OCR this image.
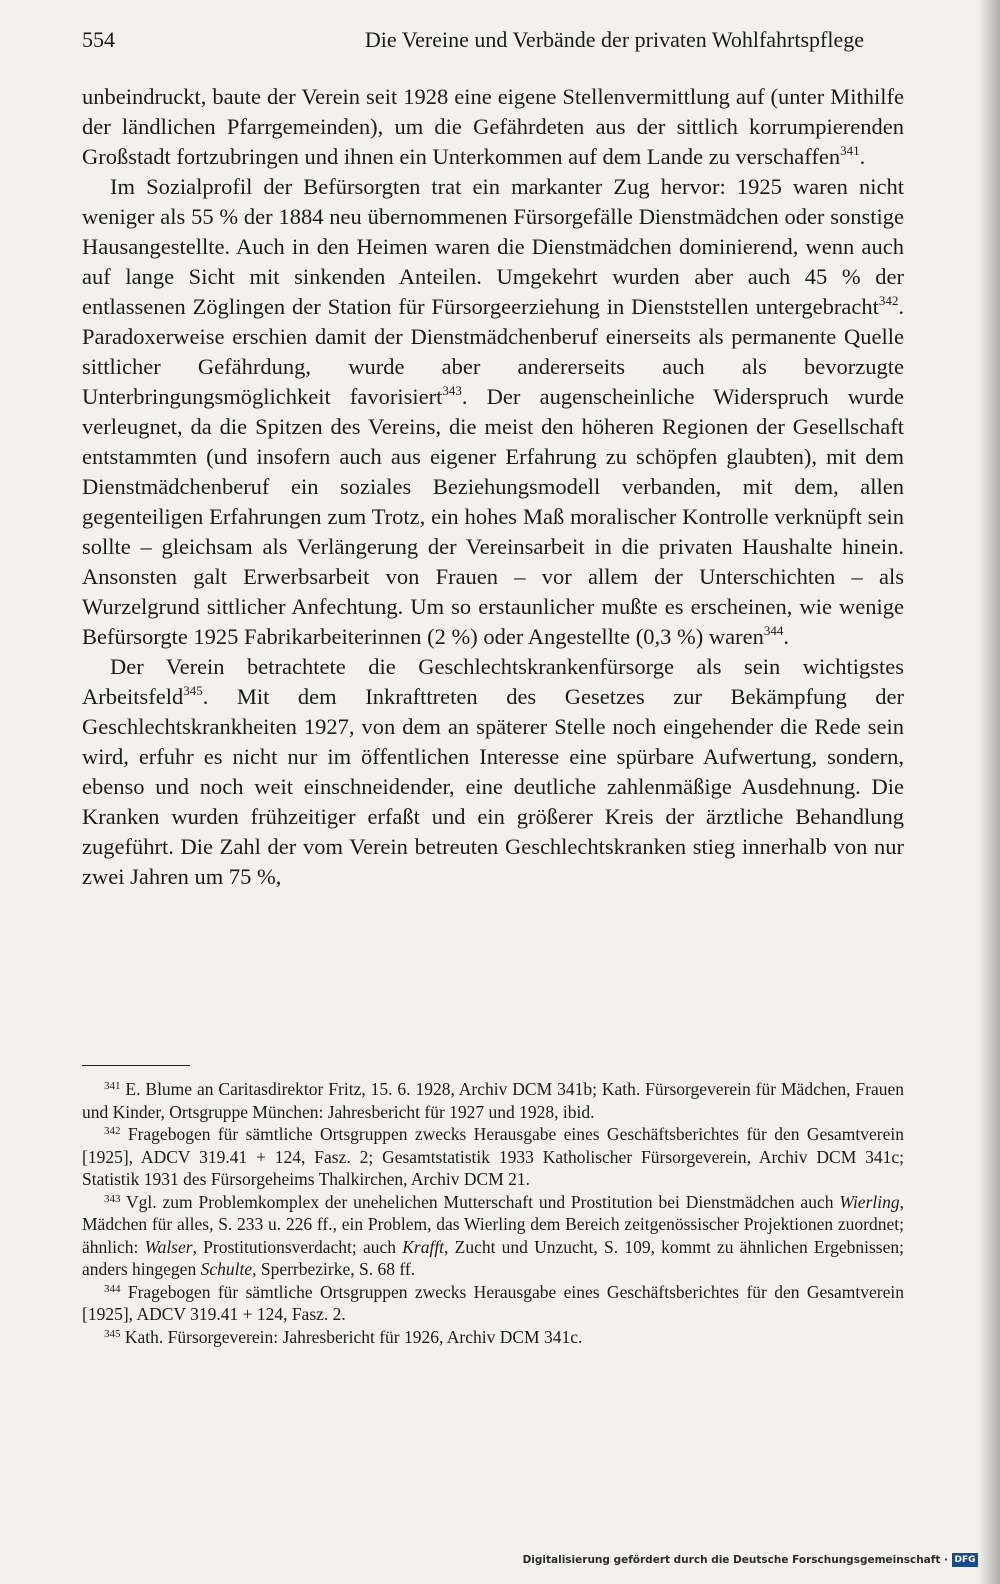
554	Die Vereine und Verbände der privaten Wohlfahrtspflege

unbeindruckt, baute der Verein seit 1928 eine eigene Stellenvermittlung auf (unter Mithilfe der ländlichen Pfarrgemeinden), um die Gefährdeten aus der sittlich korrumpierenden Großstadt fortzubringen und ihnen ein Unterkommen auf dem Lande zu verschaffen$^{341}$.

Im Sozialprofil der Befürsorgten trat ein markanter Zug hervor: 1925 waren nicht weniger als 55 % der 1884 neu übernommenen Fürsorgefälle Dienstmädchen oder sonstige Hausangestellte. Auch in den Heimen waren die Dienstmädchen dominierend, wenn auch auf lange Sicht mit sinkenden Anteilen. Umgekehrt wurden aber auch 45 % der entlassenen Zöglingen der Station für Fürsorgeerziehung in Dienststellen untergebracht$^{342}$. Paradoxerweise erschien damit der Dienstmädchenberuf einerseits als permanente Quelle sittlicher Gefährdung, wurde aber andererseits auch als bevorzugte Unterbringungsmöglichkeit favorisiert$^{343}$. Der augenscheinliche Widerspruch wurde verleugnet, da die Spitzen des Vereins, die meist den höheren Regionen der Gesellschaft entstammten (und insofern auch aus eigener Erfahrung zu schöpfen glaubten), mit dem Dienstmädchenberuf ein soziales Beziehungsmodell verbanden, mit dem, allen gegenteiligen Erfahrungen zum Trotz, ein hohes Maß moralischer Kontrolle verknüpft sein sollte – gleichsam als Verlängerung der Vereinsarbeit in die privaten Haushalte hinein. Ansonsten galt Erwerbsarbeit von Frauen – vor allem der Unterschichten – als Wurzelgrund sittlicher Anfechtung. Um so erstaunlicher mußte es erscheinen, wie wenige Befürsorgte 1925 Fabrikarbeiterinnen (2 %) oder Angestellte (0,3 %) waren$^{344}$.

Der Verein betrachtete die Geschlechtskrankenfürsorge als sein wichtigstes Arbeitsfeld$^{345}$. Mit dem Inkrafttreten des Gesetzes zur Bekämpfung der Geschlechtskrankheiten 1927, von dem an späterer Stelle noch eingehender die Rede sein wird, erfuhr es nicht nur im öffentlichen Interesse eine spürbare Aufwertung, sondern, ebenso und noch weit einschneidender, eine deutliche zahlenmäßige Ausdehnung. Die Kranken wurden frühzeitiger erfaßt und ein größerer Kreis der ärztliche Behandlung zugeführt. Die Zahl der vom Verein betreuten Geschlechtskranken stieg innerhalb von nur zwei Jahren um 75 %,

$^{341}$ E. Blume an Caritasdirektor Fritz, 15. 6. 1928, Archiv DCM 341b; Kath. Fürsorgeverein für Mädchen, Frauen und Kinder, Ortsgruppe München: Jahresbericht für 1927 und 1928, ibid.

$^{342}$ Fragebogen für sämtliche Ortsgruppen zwecks Herausgabe eines Geschäftsberichtes für den Gesamtverein [1925], ADCV 319.41 + 124, Fasz. 2; Gesamtstatistik 1933 Katholischer Fürsorgeverein, Archiv DCM 341c; Statistik 1931 des Fürsorgeheims Thalkirchen, Archiv DCM 21.

$^{343}$ Vgl. zum Problemkomplex der unehelichen Mutterschaft und Prostitution bei Dienstmädchen auch Wierling, Mädchen für alles, S. 233 u. 226 ff., ein Problem, das Wierling dem Bereich zeitgenössischer Projektionen zuordnet; ähnlich: Walser, Prostitutionsverdacht; auch Krafft, Zucht und Unzucht, S. 109, kommt zu ähnlichen Ergebnissen; anders hingegen Schulte, Sperrbezirke, S. 68 ff.

$^{344}$ Fragebogen für sämtliche Ortsgruppen zwecks Herausgabe eines Geschäftsberichtes für den Gesamtverein [1925], ADCV 319.41 + 124, Fasz. 2.

$^{345}$ Kath. Fürsorgeverein: Jahresbericht für 1926, Archiv DCM 341c.

Digitalisierung gefördert durch die Deutsche Forschungsgemeinschaft · DFG
